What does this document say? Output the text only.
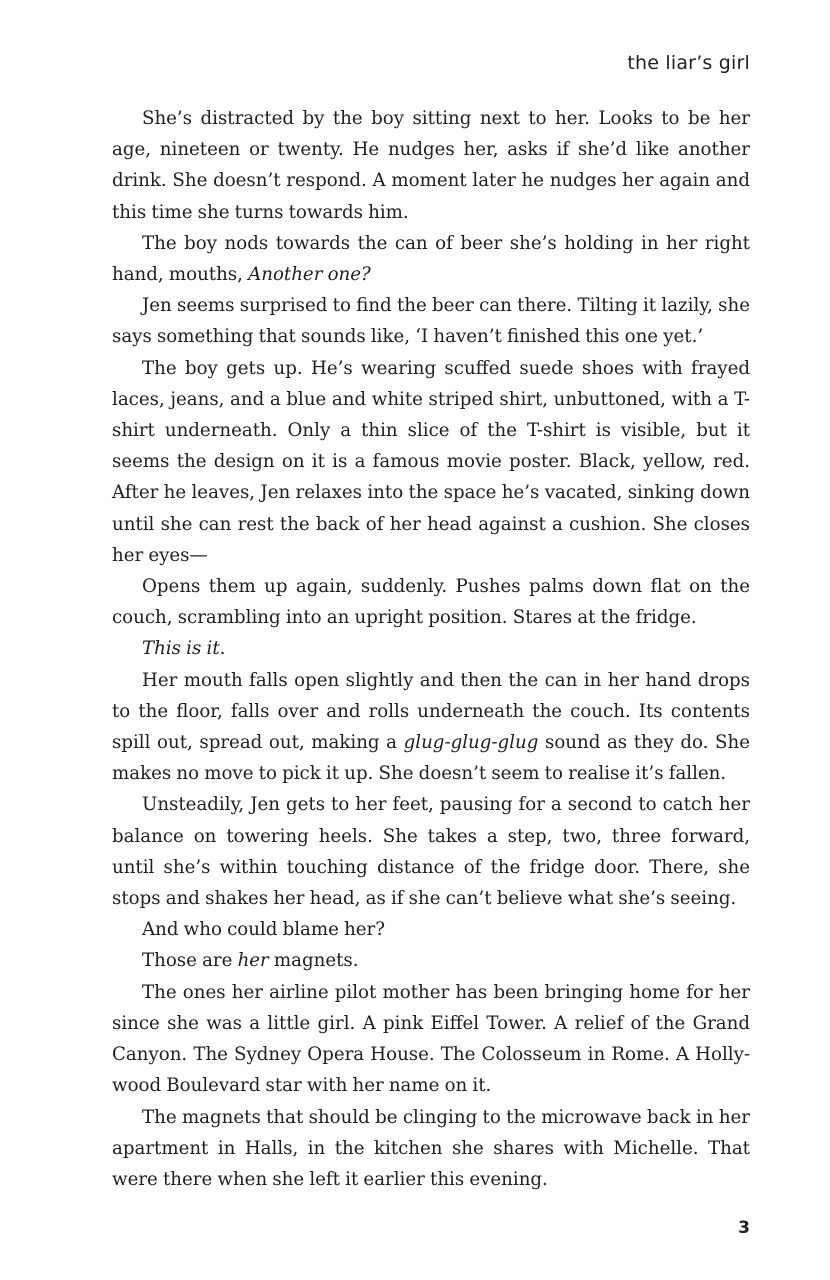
the liar’s girl

She’s distracted by the boy sitting next to her. Looks to be her age, nineteen or twenty. He nudges her, asks if she’d like another drink. She doesn’t respond. A moment later he nudges her again and this time she turns towards him.

The boy nods towards the can of beer she’s holding in her right hand, mouths, Another one?

Jen seems surprised to find the beer can there. Tilting it lazily, she says something that sounds like, ‘I haven’t finished this one yet.’

The boy gets up. He’s wearing scuffed suede shoes with frayed laces, jeans, and a blue and white striped shirt, unbuttoned, with a T-shirt underneath. Only a thin slice of the T-shirt is visible, but it seems the design on it is a famous movie poster. Black, yellow, red. After he leaves, Jen relaxes into the space he’s vacated, sinking down until she can rest the back of her head against a cushion. She closes her eyes—

Opens them up again, suddenly. Pushes palms down flat on the couch, scrambling into an upright position. Stares at the fridge.

This is it.

Her mouth falls open slightly and then the can in her hand drops to the floor, falls over and rolls underneath the couch. Its contents spill out, spread out, making a glug-glug-glug sound as they do. She makes no move to pick it up. She doesn’t seem to realise it’s fallen.

Unsteadily, Jen gets to her feet, pausing for a second to catch her balance on towering heels. She takes a step, two, three forward, until she’s within touching distance of the fridge door. There, she stops and shakes her head, as if she can’t believe what she’s seeing.

And who could blame her?

Those are her magnets.

The ones her airline pilot mother has been bringing home for her since she was a little girl. A pink Eiffel Tower. A relief of the Grand Canyon. The Sydney Opera House. The Colosseum in Rome. A Holly-wood Boulevard star with her name on it.

The magnets that should be clinging to the microwave back in her apartment in Halls, in the kitchen she shares with Michelle. That were there when she left it earlier this evening.

3
